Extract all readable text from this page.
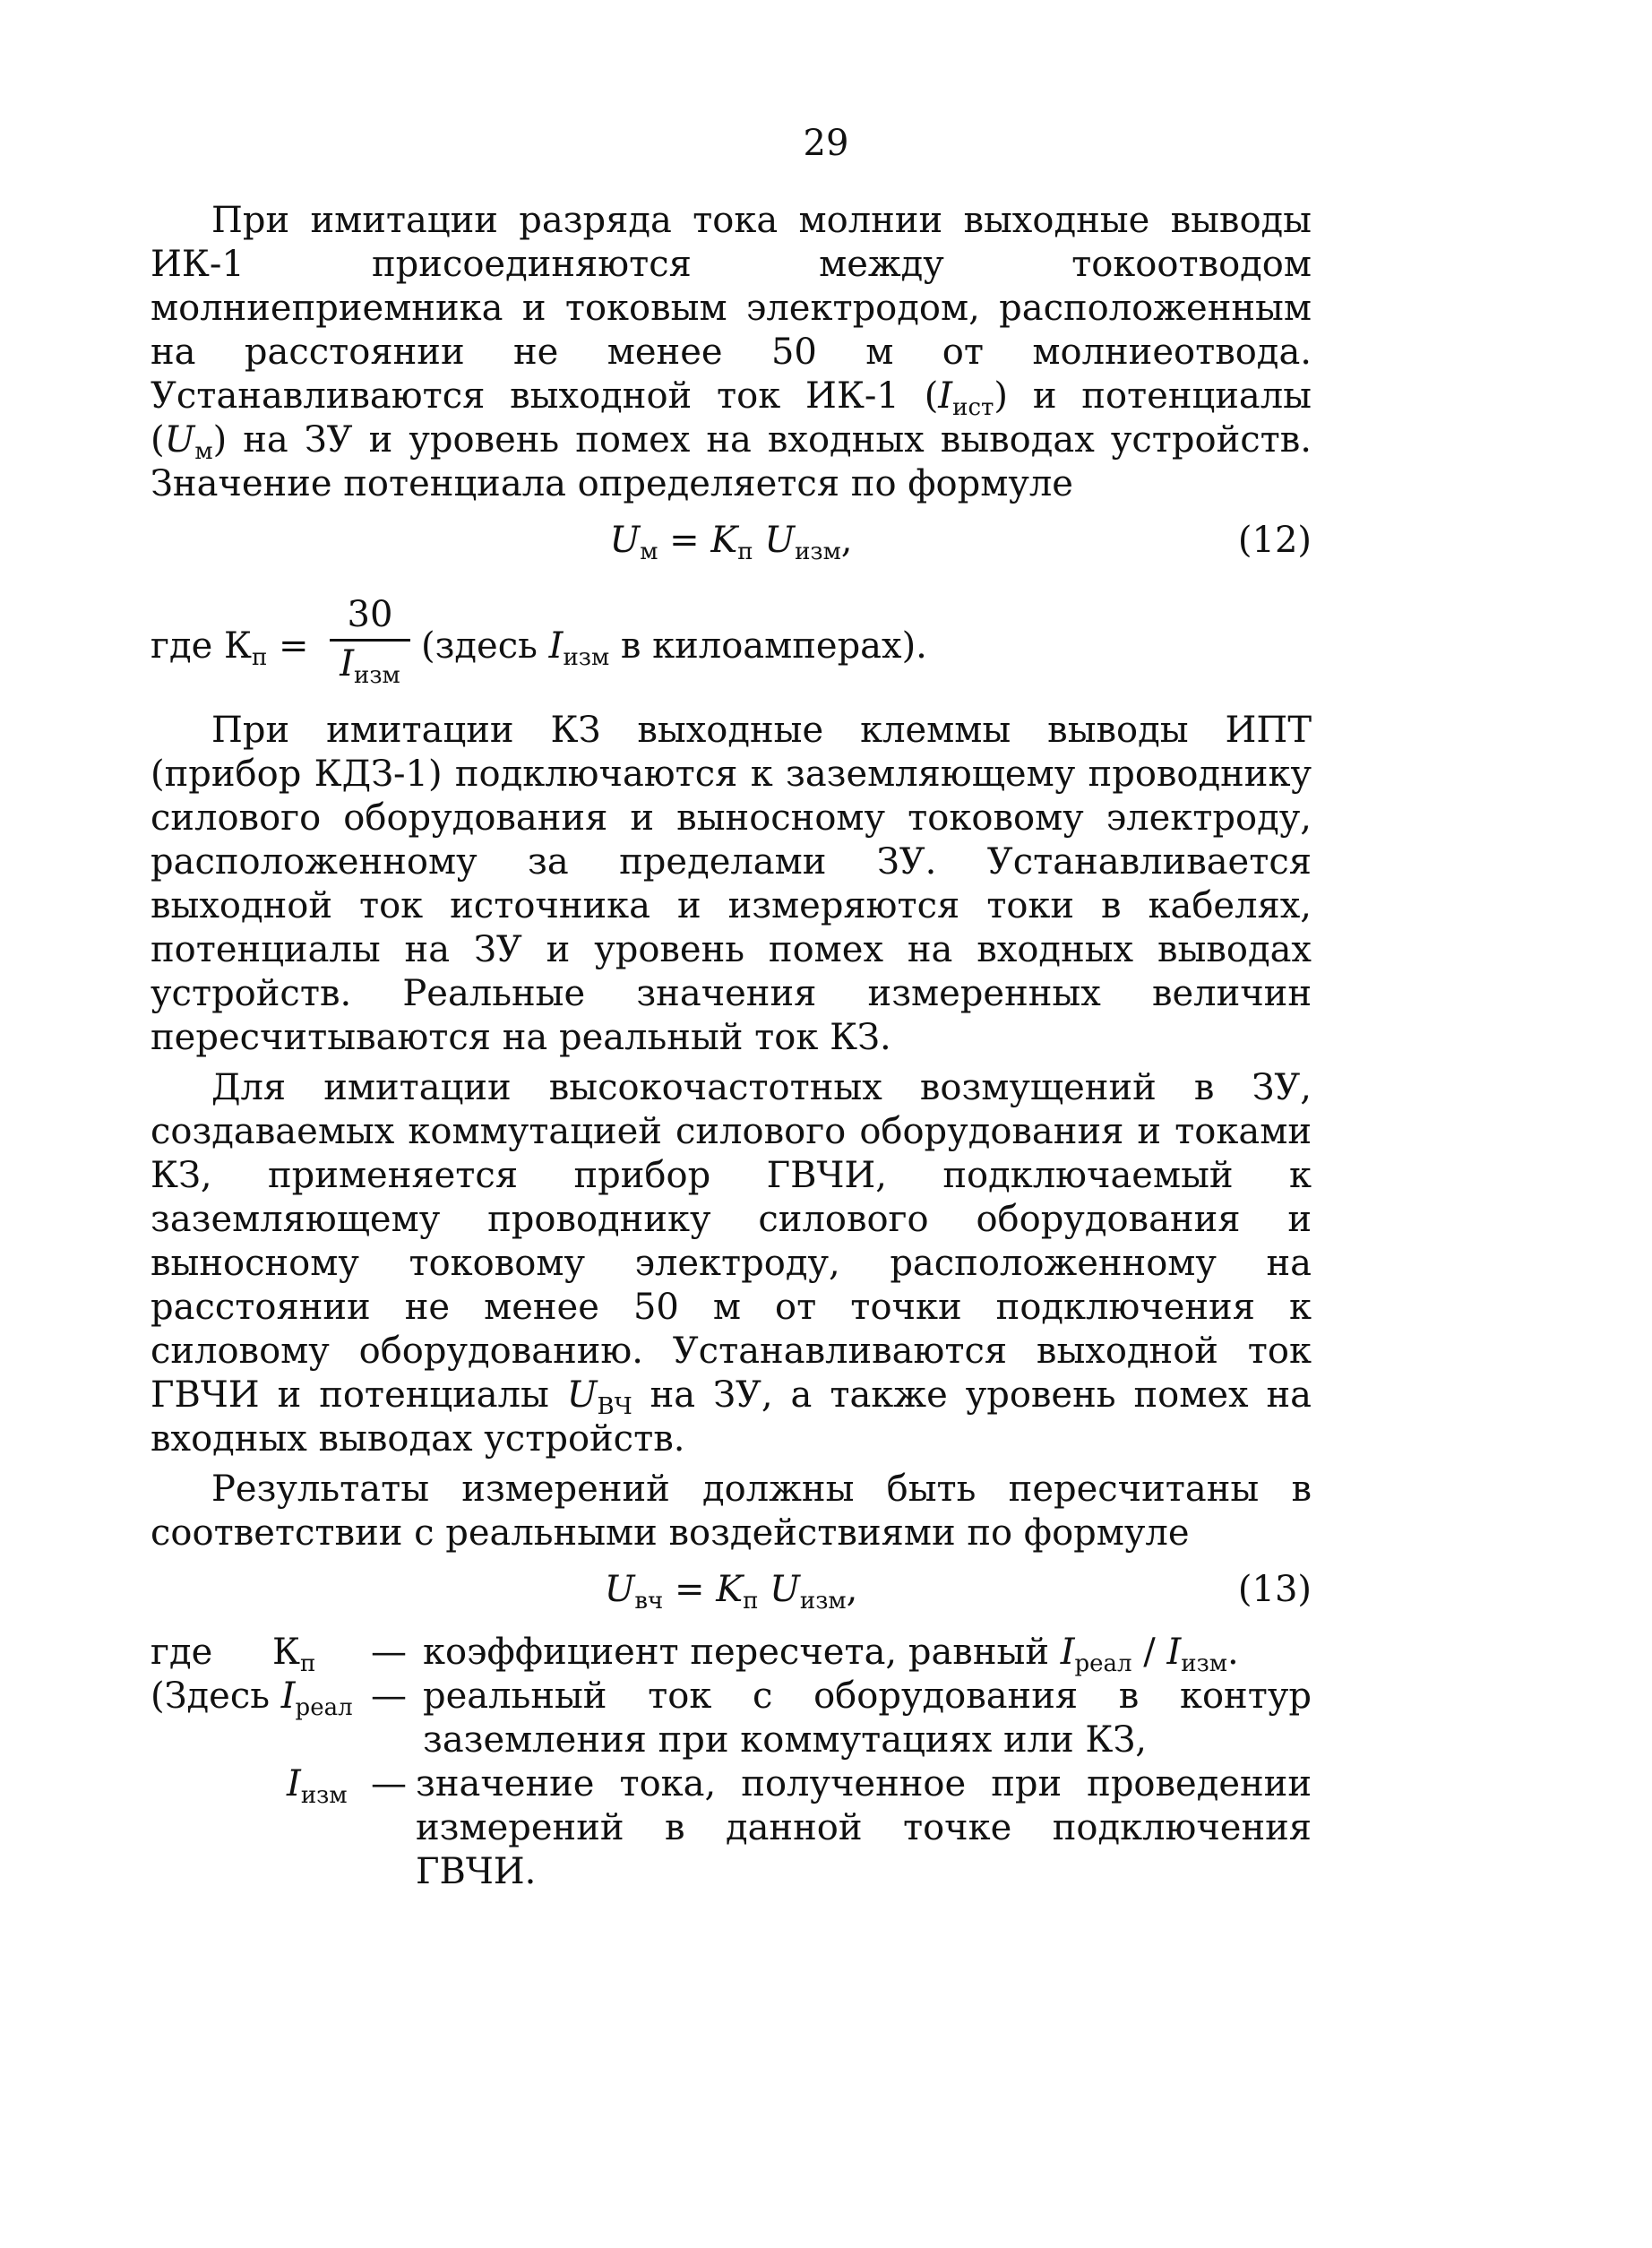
29

При имитации разряда тока молнии выходные выводы ИК-1 присоединяются между токоотводом молниеприемника и токовым электродом, расположенным на расстоянии не менее 50 м от молниеотвода. Устанавливаются выходной ток ИК-1 $(I_{ист})$ и потенциалы $(U_м)$ на ЗУ и уровень помех на входных выводах устройств. Значение потенциала определяется по формуле

$U_м = K_п$ $U_{изм}$,	(12)
где $К_п$ =
30
$I_{изм}$
(здесь $I_{изм}$ в килоамперах).

При имитации КЗ выходные клеммы выводы ИПТ (прибор КДЗ-1) подключаются к заземляющему проводнику силового оборудования и выносному токовому электроду, расположенному за пределами ЗУ. Устанавливается выходной ток источника и измеряются токи в кабелях, потенциалы на ЗУ и уровень помех на входных выводах устройств. Реальные значения измеренных величин пересчитываются на реальный ток КЗ.

Для имитации высокочастотных возмущений в ЗУ, создаваемых коммутацией силового оборудования и токами КЗ, применяется прибор ГВЧИ, подключаемый к заземляющему проводнику силового оборудования и выносному токовому электроду, расположенному на расстоянии не менее 50 м от точки подключения к силовому оборудованию. Устанавливаются выходной ток ГВЧИ и потенциалы $U_{ВЧ}$ на ЗУ, а также уровень помех на входных выводах устройств.

Результаты измерений должны быть пересчитаны в соответствии с реальными воздействиями по формуле

$U_{вч} = K_п$ $U_{изм}$,	(13)
где $К_п$ — коэффициент пересчета, равный $I_{реал} / I_{изм}$.
(Здесь $I_{реал}$ — реальный ток с оборудования в контур заземления при коммутациях или КЗ,
$I_{изм}$ — значение тока, полученное при проведении измерений в данной точке подключения ГВЧИ.
